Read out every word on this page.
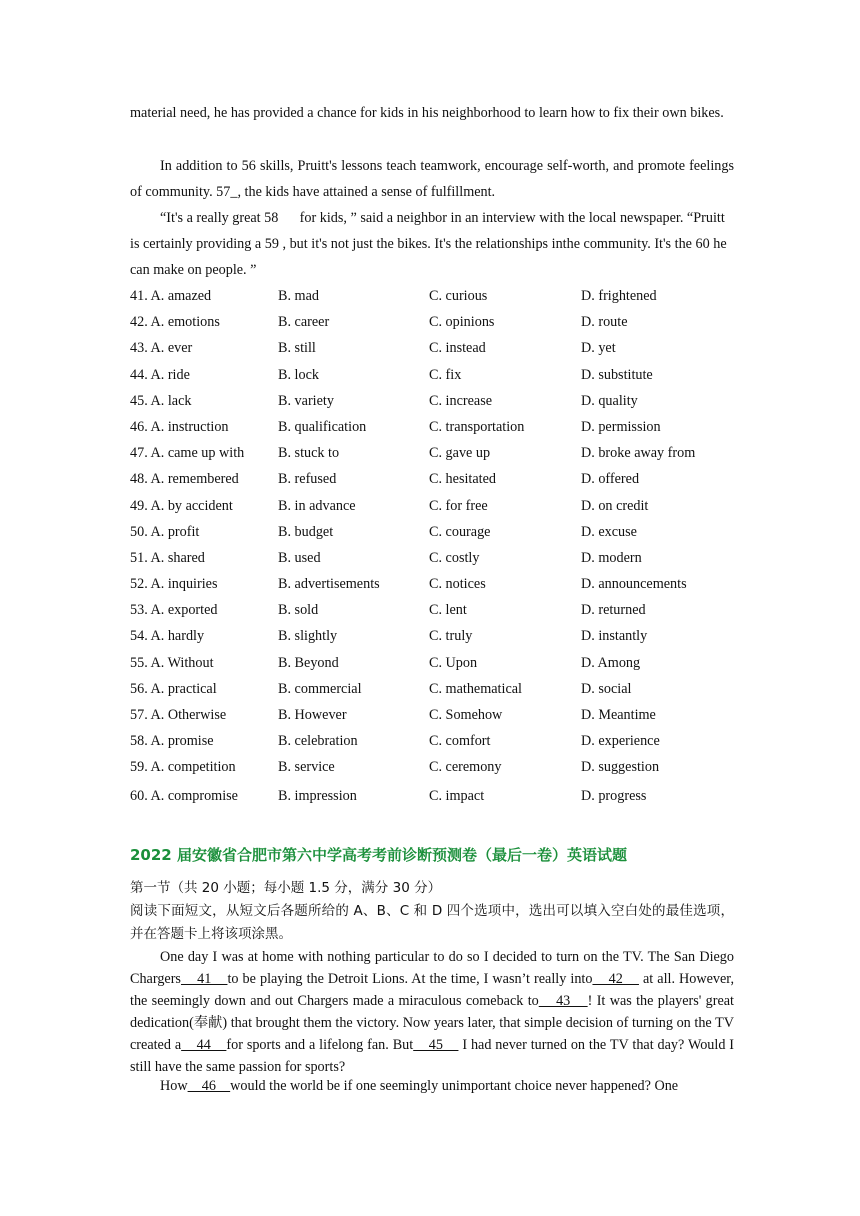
material need, he has provided a chance for kids in his neighborhood to learn how to fix their own bikes.

In addition to 56 skills, Pruitt's lessons teach teamwork, encourage self-worth, and promote feelings of community. 57_, the kids have attained a sense of fulfillment.

“It's a really great 58      for kids, ” said a neighbor in an interview with the local newspaper. “Pruitt is certainly providing a 59 , but it's not just the bikes. It's the relationships inthe community. It's the 60 he can make on people. ”

41. A. amazed	B. mad	C. curious	D. frightened
42. A. emotions	B. career	C. opinions	D. route
43. A. ever	B. still	C. instead	D. yet
44. A. ride	B. lock	C. fix	D. substitute
45. A. lack	B. variety	C. increase	D. quality
46. A. instruction	B. qualification	C. transportation	D. permission
47. A. came up with B. stuck to	C. gave up	D. broke away from
48. A. remembered	B. refused	C. hesitated	D. offered
49. A. by accident	B. in advance	C. for free	D. on credit
50. A. profit	B. budget	C. courage	D. excuse
51. A. shared	B. used	C. costly	D. modern
52. A. inquiries	B. advertisements	C. notices	D. announcements
53. A. exported	B. sold	C. lent	D. returned
54. A. hardly	B. slightly	C. truly	D. instantly
55. A. Without	B. Beyond	C. Upon	D. Among
56. A. practical	B. commercial	C. mathematical	D. social
57. A. Otherwise	B. However	C. Somehow	D. Meantime
58. A. promise	B. celebration	C. comfort	D. experience
59. A. competition	B. service	C. ceremony	D. suggestion
60. A. compromise	B. impression	C. impact	D. progress
2022 届安徽省合肥市第六中学高考考前诊断预测卷（最后一卷）英语试题

第一节（共 20 小题；每小题 1.5 分，满分 30 分）

阅读下面短文，从短文后各题所给的 A、B、C 和 D 四个选项中，选出可以填入空白处的最佳选项，并在答题卡上将该项涂黑。

One day I was at home with nothing particular to do so I decided to turn on the TV. The San Diego Chargers    41    to be playing the Detroit Lions. At the time, I wasn’t really into    42     at all. However, the seemingly down and out Chargers made a miraculous comeback to    43    ! It was the players' great dedication(奉献) that brought them the victory. Now years later, that simple decision of turning on the TV created a    44    for sports and a lifelong fan. But    45     I had never turned on the TV that day? Would I still have the same passion for sports?

How    46    would the world be if one seemingly unimportant choice never happened? One
